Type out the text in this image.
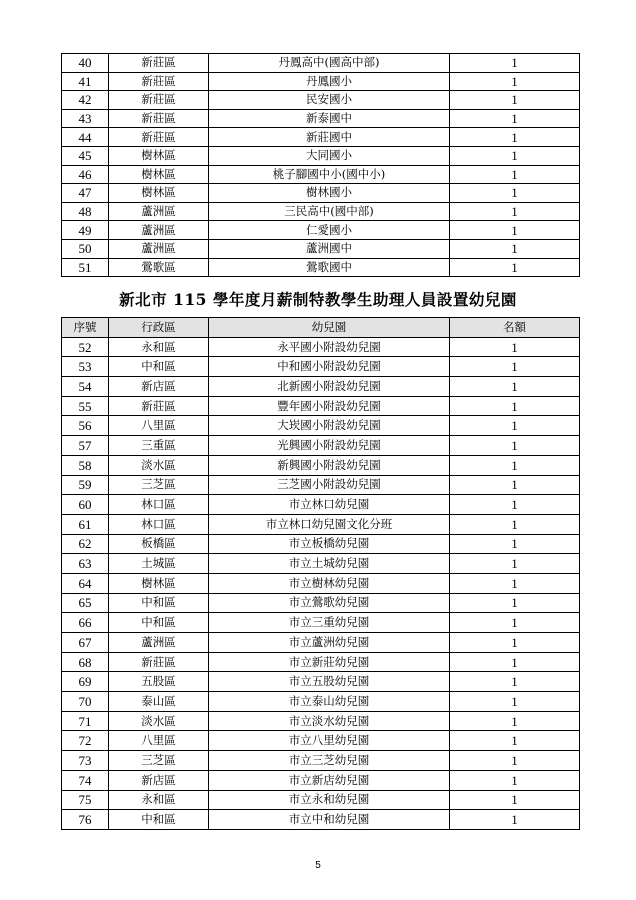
40	新莊區	丹鳳高中(國高中部)	1
41	新莊區	丹鳳國小	1
42	新莊區	民安國小	1
43	新莊區	新泰國中	1
44	新莊區	新莊國中	1
45	樹林區	大同國小	1
46	樹林區	桃子腳國中小(國中小)	1
47	樹林區	樹林國小	1
48	蘆洲區	三民高中(國中部)	1
49	蘆洲區	仁愛國小	1
50	蘆洲區	蘆洲國中	1
51	鶯歌區	鶯歌國中	1
新北市 115 學年度月薪制特教學生助理人員設置幼兒園
序號	行政區	幼兒園	名額
52	永和區	永平國小附設幼兒園	1
53	中和區	中和國小附設幼兒園	1
54	新店區	北新國小附設幼兒園	1
55	新莊區	豐年國小附設幼兒園	1
56	八里區	大崁國小附設幼兒園	1
57	三重區	光興國小附設幼兒園	1
58	淡水區	新興國小附設幼兒園	1
59	三芝區	三芝國小附設幼兒園	1
60	林口區	市立林口幼兒園	1
61	林口區	市立林口幼兒園文化分班	1
62	板橋區	市立板橋幼兒園	1
63	土城區	市立土城幼兒園	1
64	樹林區	市立樹林幼兒園	1
65	中和區	市立鶯歌幼兒園	1
66	中和區	市立三重幼兒園	1
67	蘆洲區	市立蘆洲幼兒園	1
68	新莊區	市立新莊幼兒園	1
69	五股區	市立五股幼兒園	1
70	泰山區	市立泰山幼兒園	1
71	淡水區	市立淡水幼兒園	1
72	八里區	市立八里幼兒園	1
73	三芝區	市立三芝幼兒園	1
74	新店區	市立新店幼兒園	1
75	永和區	市立永和幼兒園	1
76	中和區	市立中和幼兒園	1
5
